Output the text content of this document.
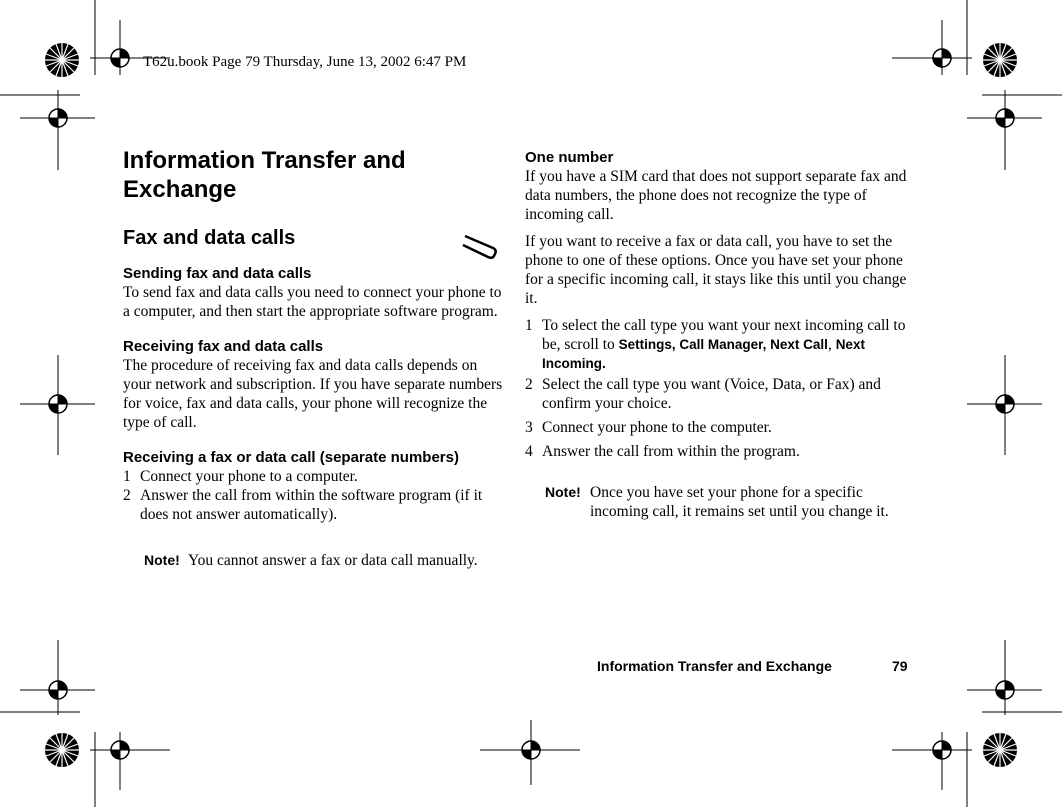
T62u.book Page 79 Thursday, June 13, 2002 6:47 PM
Information Transfer and Exchange
Fax and data calls
Sending fax and data calls
To send fax and data calls you need to connect your phone to a computer, and then start the appropriate software program.
Receiving fax and data calls
The procedure of receiving fax and data calls depends on your network and subscription. If you have separate numbers for voice, fax and data calls, your phone will recognize the type of call.
Receiving a fax or data call (separate numbers)
1 Connect your phone to a computer.
2 Answer the call from within the software program (if it does not answer automatically).
Note! You cannot answer a fax or data call manually.
One number
If you have a SIM card that does not support separate fax and data numbers, the phone does not recognize the type of incoming call.
If you want to receive a fax or data call, you have to set the phone to one of these options. Once you have set your phone for a specific incoming call, it stays like this until you change it.
1 To select the call type you want your next incoming call to be, scroll to Settings, Call Manager, Next Call, Next Incoming.
2 Select the call type you want (Voice, Data, or Fax) and confirm your choice.
3 Connect your phone to the computer.
4 Answer the call from within the program.
Note! Once you have set your phone for a specific incoming call, it remains set until you change it.
Information Transfer and Exchange	79
